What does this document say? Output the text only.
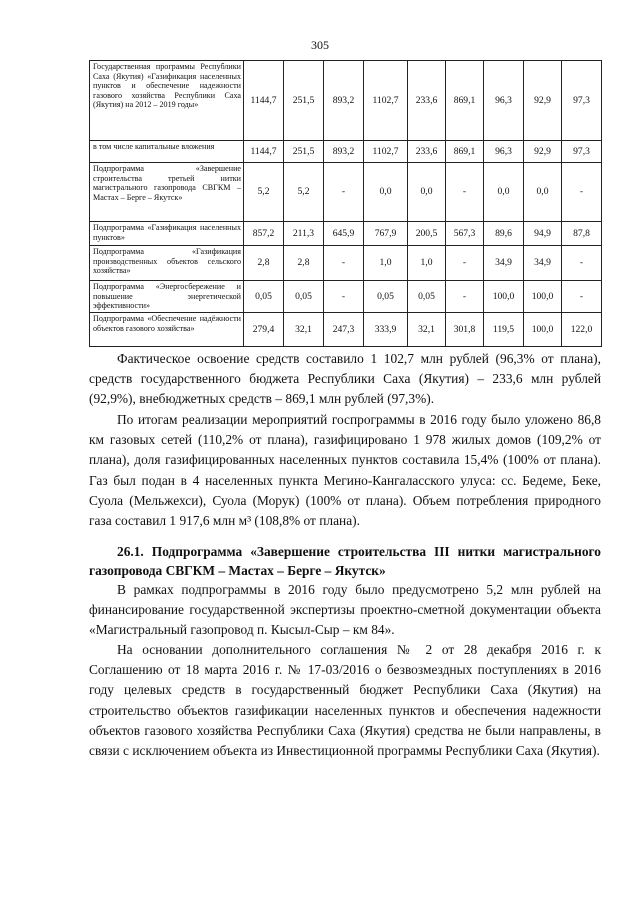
305
Государственная программы Республики Саха (Якутия) «Газификация населенных пунктов и обеспечение надежности газового хозяйства Республики Саха (Якутия) на 2012 – 2019 годы»	1144,7	251,5	893,2	1102,7	233,6	869,1	96,3	92,9	97,3
в том числе капитальные вложения	1144,7	251,5	893,2	1102,7	233,6	869,1	96,3	92,9	97,3
Подпрограмма «Завершение строительства третьей нитки магистрального газопровода СВГКМ – Мастах – Берге – Якутск»	5,2	5,2	-	0,0	0,0	-	0,0	0,0	-
Подпрограмма «Газификация населенных пунктов»	857,2	211,3	645,9	767,9	200,5	567,3	89,6	94,9	87,8
Подпрограмма «Газификация производственных объектов сельского хозяйства»	2,8	2,8	-	1,0	1,0	-	34,9	34,9	-
Подпрограмма «Энергосбережение и повышение энергетической эффективности»	0,05	0,05	-	0,05	0,05	-	100,0	100,0	-
Подпрограмма «Обеспечение надёжности объектов газового хозяйства»	279,4	32,1	247,3	333,9	32,1	301,8	119,5	100,0	122,0

Фактическое освоение средств составило 1 102,7 млн рублей (96,3% от плана), средств государственного бюджета Республики Саха (Якутия) – 233,6 млн рублей (92,9%), внебюджетных средств – 869,1 млн рублей (97,3%).

По итогам реализации мероприятий госпрограммы в 2016 году было уложено 86,8 км газовых сетей (110,2% от плана), газифицировано 1 978 жилых домов (109,2% от плана), доля газифицированных населенных пунктов составила 15,4% (100% от плана). Газ был подан в 4 населенных пункта Мегино-Кангаласского улуса: сс. Бедеме, Беке, Суола (Мельжехси), Суола (Морук) (100% от плана). Объем потребления природного газа составил 1 917,6 млн м³ (108,8% от плана).

26.1. Подпрограмма «Завершение строительства III нитки магистрального газопровода СВГКМ – Мастах – Берге – Якутск»

В рамках подпрограммы в 2016 году было предусмотрено 5,2 млн рублей на финансирование государственной экспертизы проектно-сметной документации объекта «Магистральный газопровод п. Кысыл-Сыр – км 84».

На основании дополнительного соглашения № 2 от 28 декабря 2016 г. к Соглашению от 18 марта 2016 г. № 17-03/2016 о безвозмездных поступлениях в 2016 году целевых средств в государственный бюджет Республики Саха (Якутия) на строительство объектов газификации населенных пунктов и обеспечения надежности объектов газового хозяйства Республики Саха (Якутия) средства не были направлены, в связи с исключением объекта из Инвестиционной программы Республики Саха (Якутия).
